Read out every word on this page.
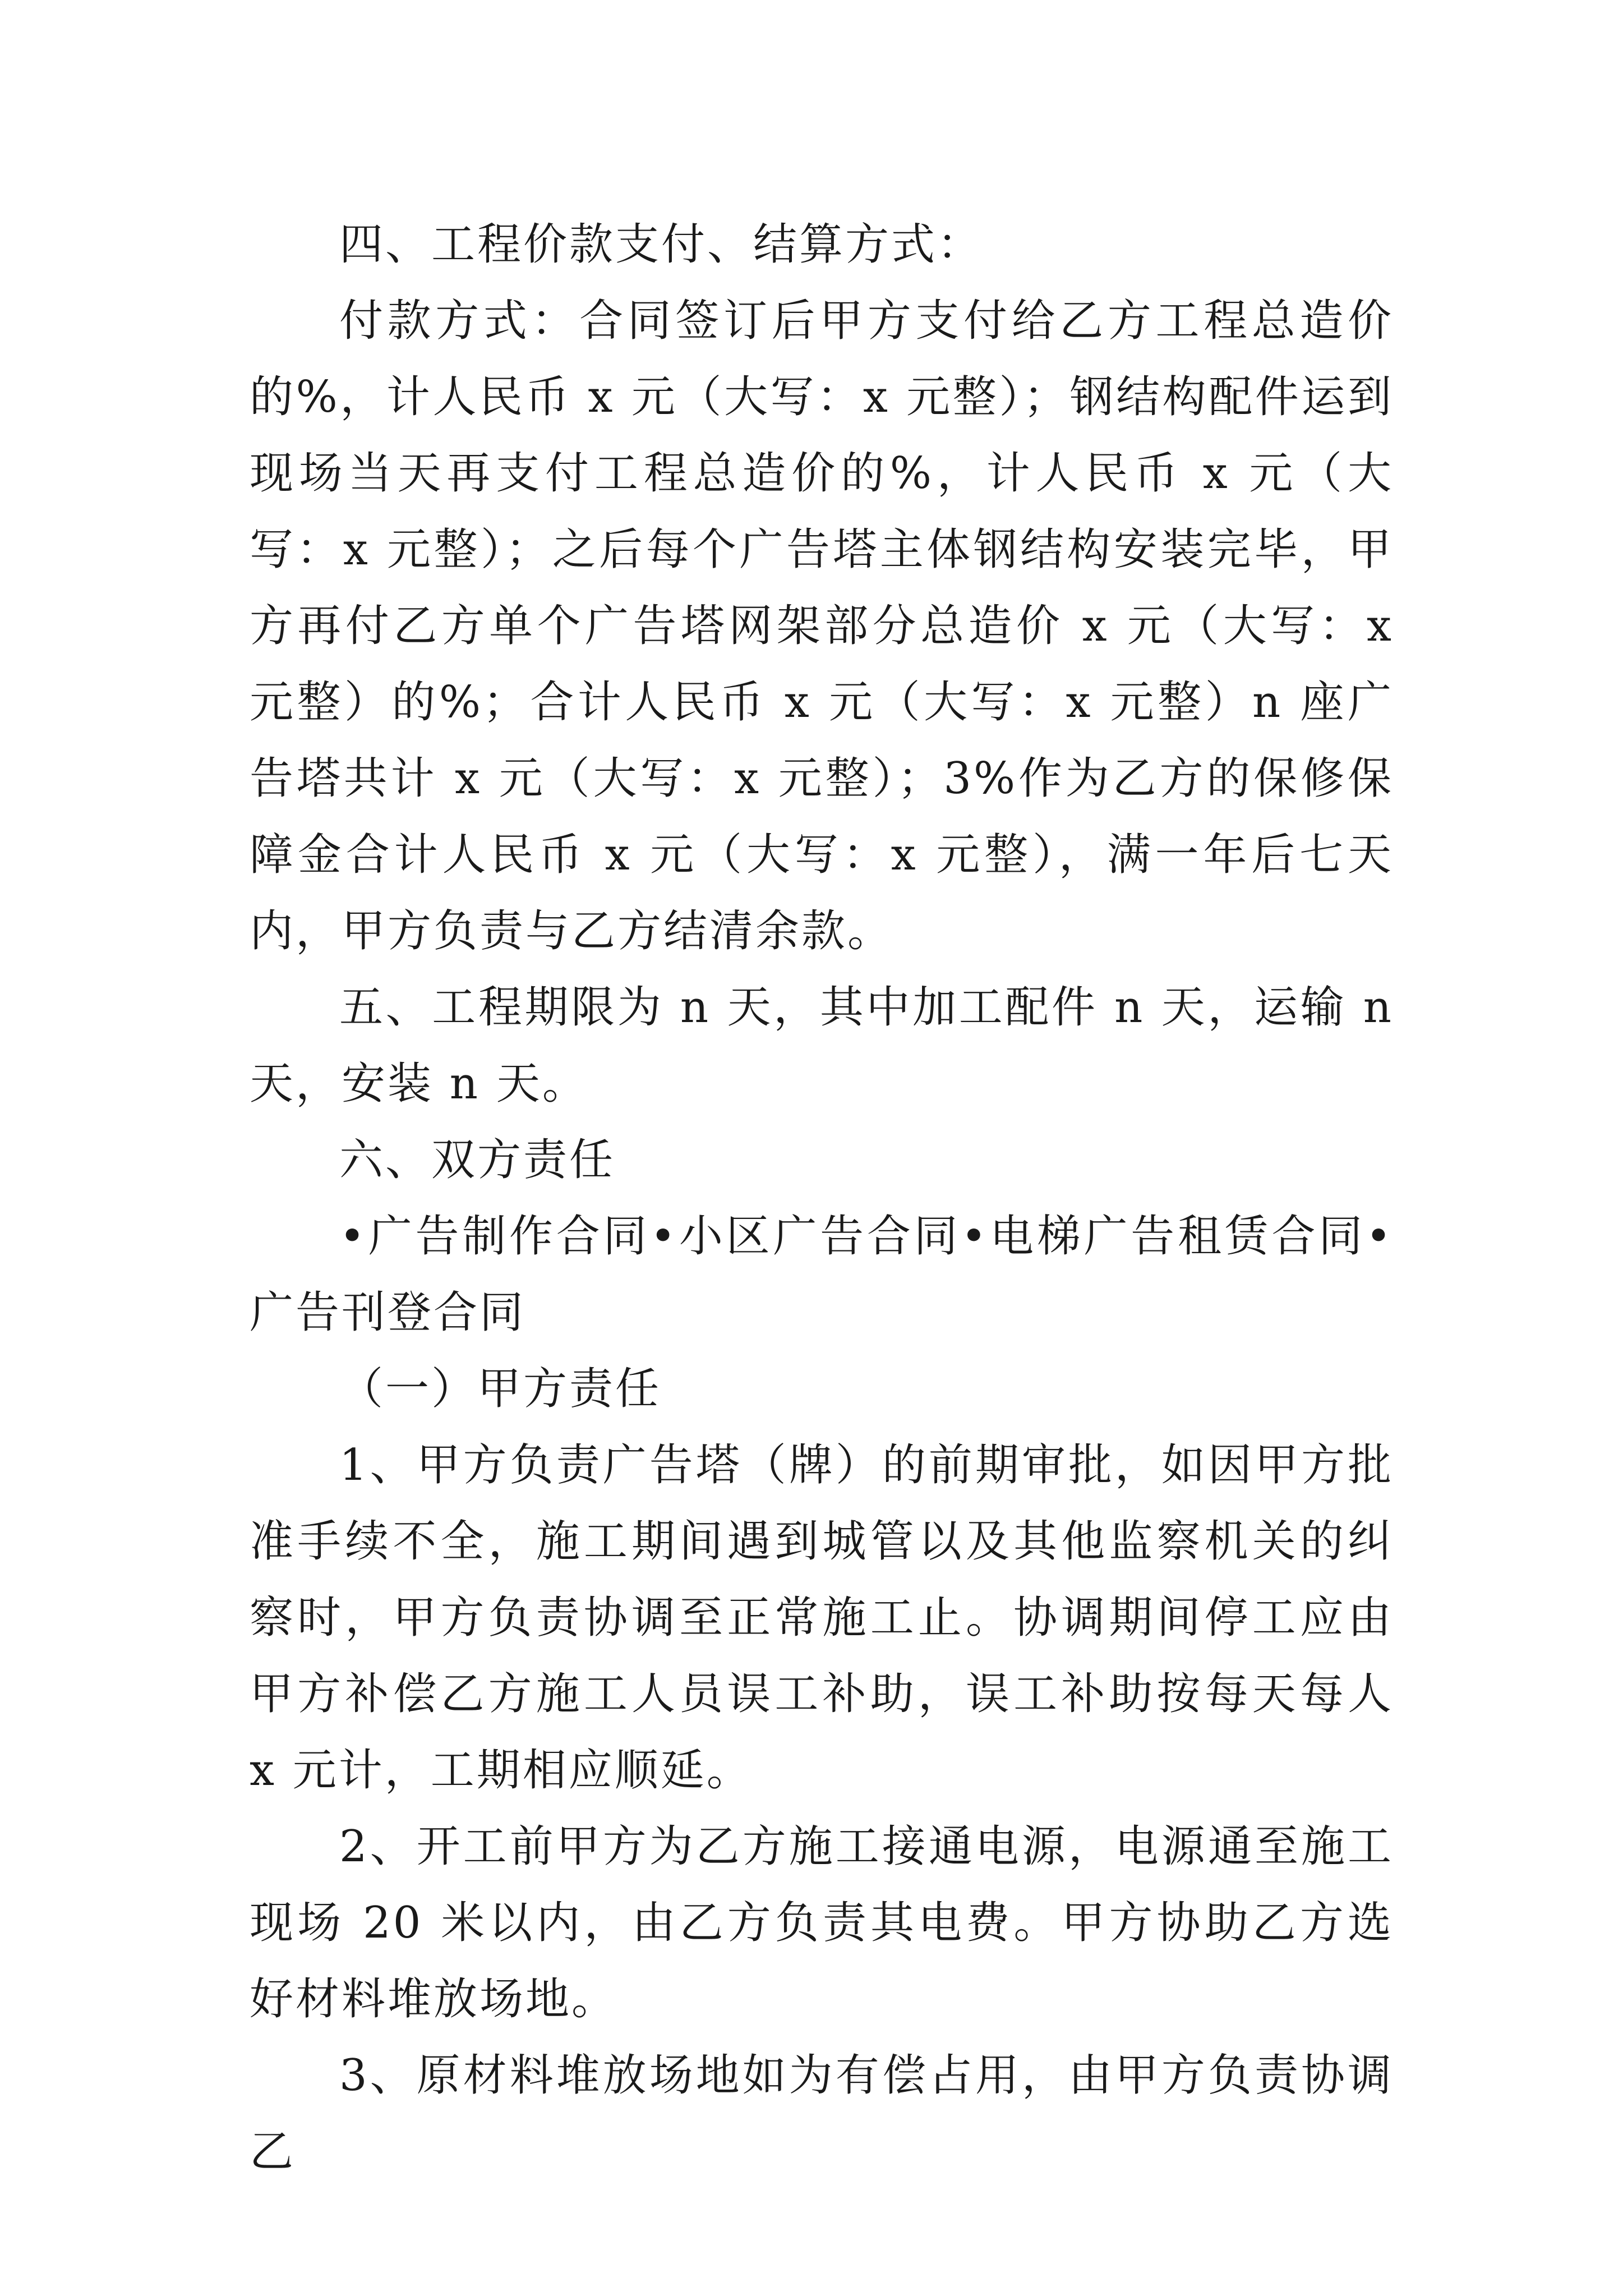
四、工程价款支付、结算方式：

付款方式：合同签订后甲方支付给乙方工程总造价的%，计人民币 x 元（大写：x 元整）；钢结构配件运到现场当天再支付工程总造价的%，计人民币 x 元（大写：x 元整）；之后每个广告塔主体钢结构安装完毕，甲方再付乙方单个广告塔网架部分总造价 x 元（大写：x 元整）的%；合计人民币 x 元（大写：x 元整）n 座广告塔共计 x 元（大写：x 元整）；3%作为乙方的保修保障金合计人民币 x 元（大写：x 元整），满一年后七天内，甲方负责与乙方结清余款。

五、工程期限为 n 天，其中加工配件 n 天，运输 n 天，安装 n 天。

六、双方责任

•广告制作合同•小区广告合同•电梯广告租赁合同•广告刊登合同

（一）甲方责任

1、甲方负责广告塔（牌）的前期审批，如因甲方批准手续不全，施工期间遇到城管以及其他监察机关的纠察时，甲方负责协调至正常施工止。协调期间停工应由甲方补偿乙方施工人员误工补助，误工补助按每天每人 x 元计，工期相应顺延。

2、开工前甲方为乙方施工接通电源，电源通至施工现场 20 米以内，由乙方负责其电费。甲方协助乙方选好材料堆放场地。

3、原材料堆放场地如为有偿占用，由甲方负责协调乙
